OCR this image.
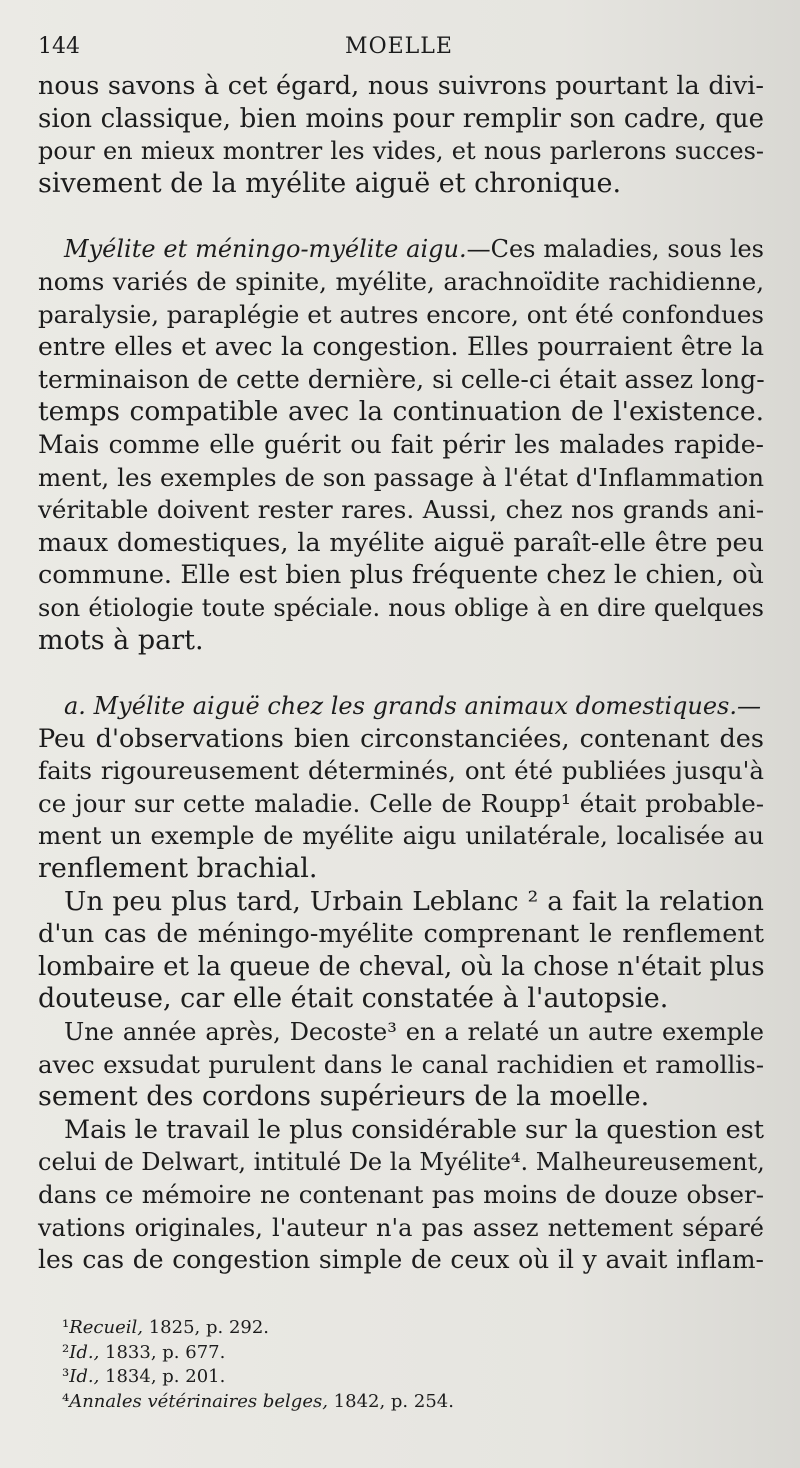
144	MOELLE
nous savons à cet égard, nous suivrons pourtant la divi-
sion classique, bien moins pour remplir son cadre, que
pour en mieux montrer les vides, et nous parlerons succes-
sivement de la myélite aiguë et chronique.
Myélite et méningo-myélite aigu.—Ces maladies, sous les
noms variés de spinite, myélite, arachnoïdite rachidienne,
paralysie, paraplégie et autres encore, ont été confondues
entre elles et avec la congestion. Elles pourraient être la
terminaison de cette dernière, si celle-ci était assez long-
temps compatible avec la continuation de l'existence.
Mais comme elle guérit ou fait périr les malades rapide-
ment, les exemples de son passage à l'état d'Inflammation
véritable doivent rester rares. Aussi, chez nos grands ani-
maux domestiques, la myélite aiguë paraît-elle être peu
commune. Elle est bien plus fréquente chez le chien, où
son étiologie toute spéciale. nous oblige à en dire quelques
mots à part.
a. Myélite aiguë chez les grands animaux domestiques.—
Peu d'observations bien circonstanciées, contenant des
faits rigoureusement déterminés, ont été publiées jusqu'à
ce jour sur cette maladie. Celle de Roupp¹ était probable-
ment un exemple de myélite aigu unilatérale, localisée au
renflement brachial.
Un peu plus tard, Urbain Leblanc ² a fait la relation
d'un cas de méningo-myélite comprenant le renflement
lombaire et la queue de cheval, où la chose n'était plus
douteuse, car elle était constatée à l'autopsie.
Une année après, Decoste³ en a relaté un autre exemple
avec exsudat purulent dans le canal rachidien et ramollis-
sement des cordons supérieurs de la moelle.
Mais le travail le plus considérable sur la question est
celui de Delwart, intitulé De la Myélite⁴. Malheureusement,
dans ce mémoire ne contenant pas moins de douze obser-
vations originales, l'auteur n'a pas assez nettement séparé
les cas de congestion simple de ceux où il y avait inflam-
¹Recueil, 1825, p. 292.
²Id., 1833, p. 677.
³Id., 1834, p. 201.
⁴Annales vétérinaires belges, 1842, p. 254.
